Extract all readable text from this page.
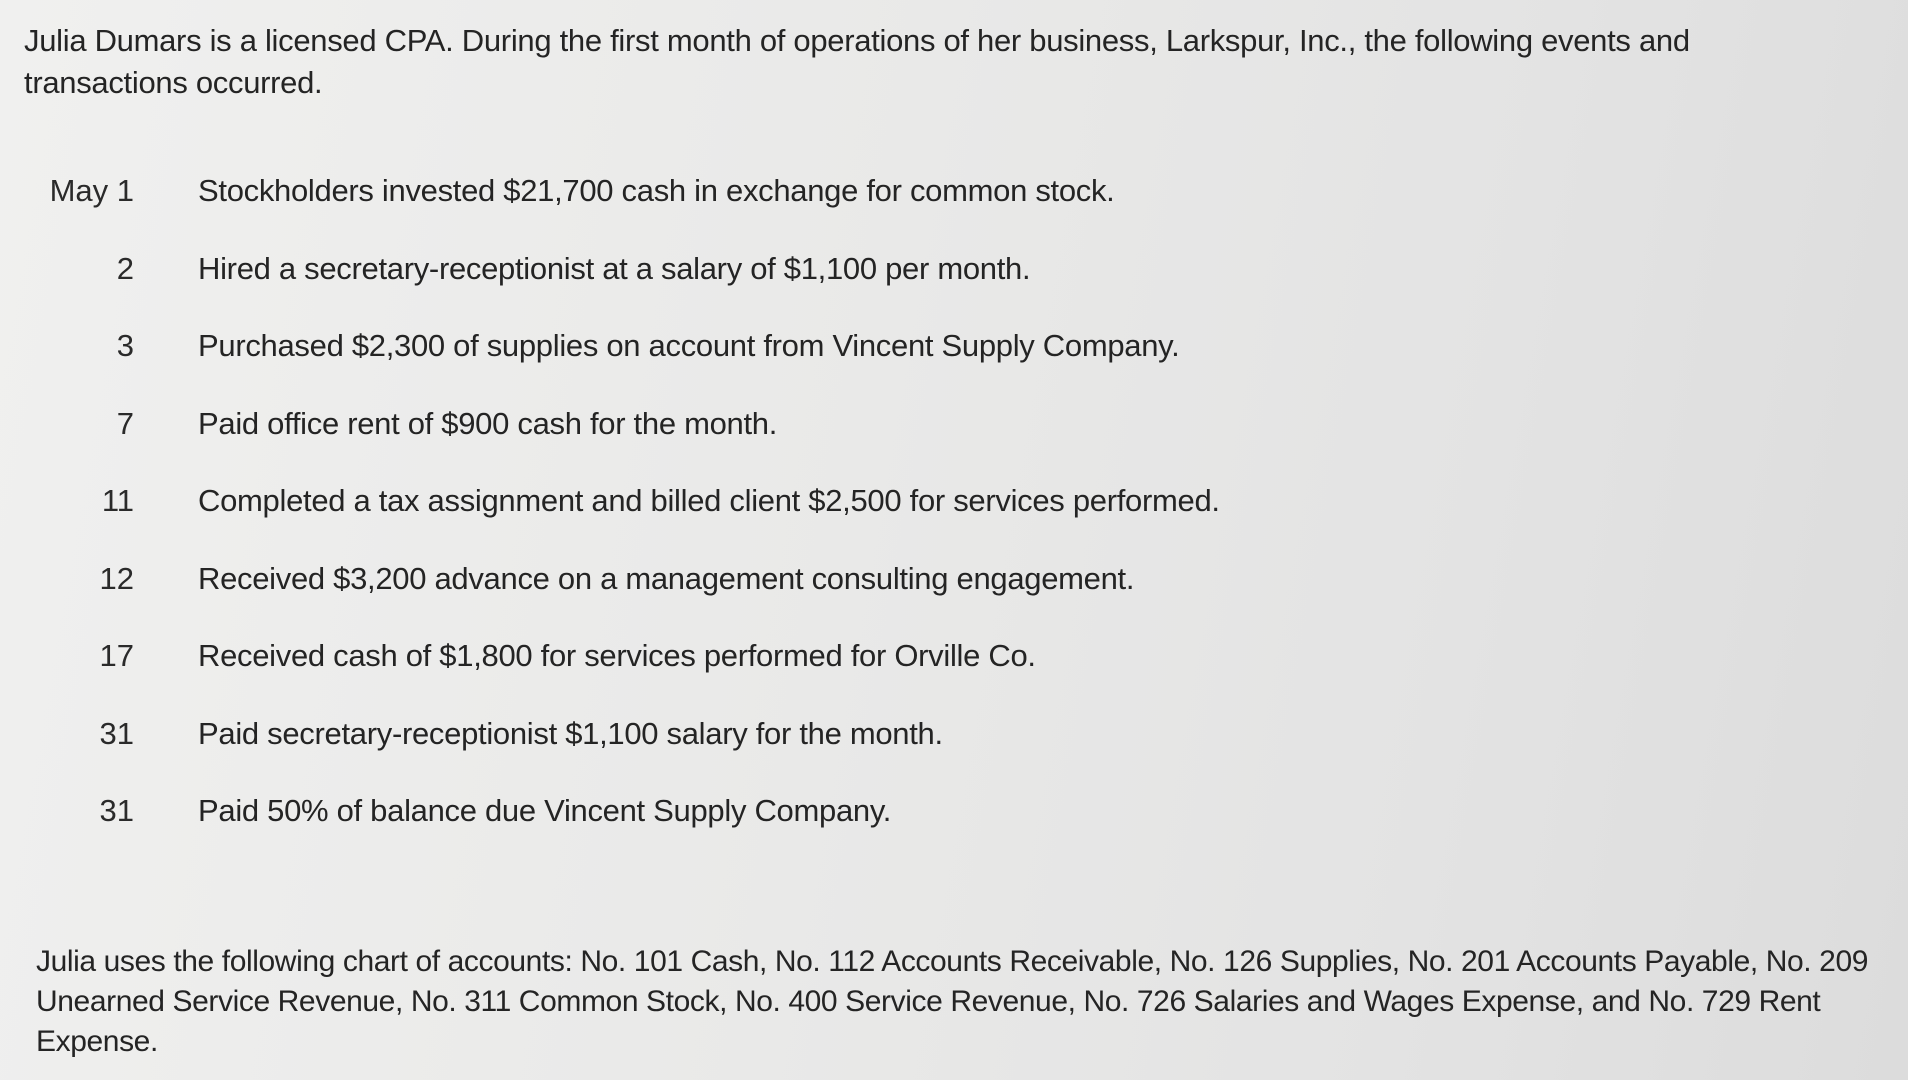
Julia Dumars is a licensed CPA. During the first month of operations of her business, Larkspur, Inc., the following events and transactions occurred.

May 1 Stockholders invested $21,700 cash in exchange for common stock.
2 Hired a secretary-receptionist at a salary of $1,100 per month.
3 Purchased $2,300 of supplies on account from Vincent Supply Company.
7 Paid office rent of $900 cash for the month.
11 Completed a tax assignment and billed client $2,500 for services performed.
12 Received $3,200 advance on a management consulting engagement.
17 Received cash of $1,800 for services performed for Orville Co.
31 Paid secretary-receptionist $1,100 salary for the month.
31 Paid 50% of balance due Vincent Supply Company.

Julia uses the following chart of accounts: No. 101 Cash, No. 112 Accounts Receivable, No. 126 Supplies, No. 201 Accounts Payable, No. 209 Unearned Service Revenue, No. 311 Common Stock, No. 400 Service Revenue, No. 726 Salaries and Wages Expense, and No. 729 Rent Expense.
